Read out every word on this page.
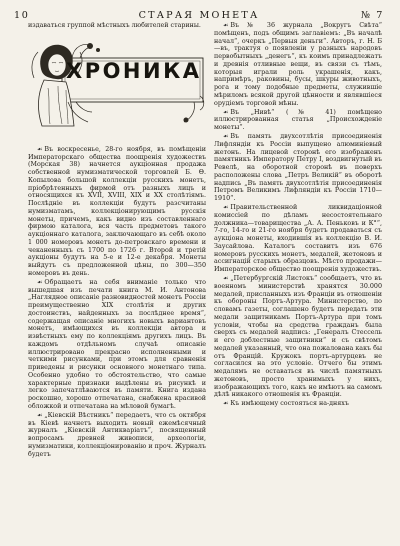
10	СТАРАЯ МОНЕТА	№ 7

издаваться группой мѣстныхъ любителей старины.

ХРОНИКА

☙ Въ воскресенье, 28-го ноября, въ помѣщеніи Императорскаго общества поощренія художествъ (Морская 38) начнется аукціонная продажа собственной нумизматической торговлей Б. Θ. Копылова большой коллекціи русскихъ монетъ, пріобрѣтенныхъ фирмой отъ разныхъ лицъ и относящихся къ XVII, XVIII, XIX и XX столѣтіямъ. Послѣдніе въ коллекціи будутъ разсчитаны нумизматамъ, коллекціонирующимъ русскія монеты, причемъ, какъ видно изъ составленнаго фирмою каталога, вся часть предметовъ такого аукціоннаго каталога, заключающаго въ себѣ около 1 000 номеровъ монетъ до-петровскаго времени и чеканенныхъ съ 1700 по 1726 г. Второй и третій аукціоны будутъ на 5-е и 12-е декабря. Монеты выйдутъ съ предложенной цѣны, по 300—350 номеровъ въ день.

☙ Обращаетъ на себя вниманіе только что вышедшая изъ печати книга М. И. Антонова „Наглядное описаніе разновидностей монетъ Россіи преимущественно XIX столѣтія и других достоинствъ, найденныхъ за послѣднее время“, содержащая описаніе многихъ новыхъ вариантовъ монетъ, имѣющихся въ коллекціи автора и извѣстныхъ ему по коллекціямъ другихъ лицъ. Въ каждомъ отдѣльномъ случаѣ описаніе иллюстрировано прекрасно исполненными и четкими рисунками, при этомъ для сравненія приведены и рисунки основного монетнаго типа. Особенно удобно то обстоятельство, что самые характерные признаки выдѣлены въ рисункѣ и легко запечатлѣваются въ памяти. Книга издана роскошно, хорошо отпечатана, снабжена красивой обложкой и отпечатана на мѣловой бумагѣ.

☙ „Кіевскій Вѣстникъ“ передаетъ, что съ октября въ Кіевѣ начнетъ выходить новый ежемѣсячный журналъ „Кіевскій Антикваріатъ“, посвященный вопросамъ древней живописи, археологіи, нумизматики, коллекціонированію и проч. Журналъ будетъ

☙ Въ № 36 журнала „Вокругъ Свѣта“ помѣщенъ, подъ общимъ заглавіемъ: „Въ началѣ начал“, очеркъ „Первыя деньги“. Авторъ, г. Н. Б—въ, трактуя о появленіи у разныхъ народовъ первобытныхъ „денегъ“, къ коимъ принадлежатъ и древнія отливные вещи, въ связи съ тѣмъ, которыя играли роль украшенія, какъ, напримѣръ, раковины, бусы, шкуры животныхъ, рога и тому подобные предметы, служившіе мѣриломъ всякой другой цѣнности и являвшіеся орудіемъ торговой мѣны.

☙ Въ „Нивѣ“ (№ 41) помѣщено иллюстрированная статья „Происхожденіе монеты“.

☙ Въ память двухсотлѣтія присоединенія Лифляндіи къ Россіи выпущено алюминіевый жетонъ. На лицевой сторонѣ его изображенъ памятникъ Императору Петру I, воздвигнутый въ Ревелѣ, на оборотной сторонѣ въ поверхъ расположены слова „Петръ Великій“ въ оборотѣ надпись „Въ память двухсотлѣтія присоединенія Петромъ Великимъ Лифляндіи къ Россіи 1710—1910“.

☙ Правительственной ликвидаціонной комиссіей по дѣламъ несостоятельнаго должника—товарищества „А. А. Пеньковъ и К°“, 7-го, 14-го и 21-го ноября будетъ продаваться съ аукціона монеты, входившія въ коллекцію В. И. Заусайлова. Каталогъ составитъ изъ 676 номеровъ русскихъ монетъ, медалей, жетоновъ и ассигнацій старыхъ образцовъ. Мѣсто продажи—Императорское общество поощренія художествъ.

☙ „Петербургскій Листокъ“ сообщаетъ, что въ военномъ министерствѣ хранятся 30.000 медалей, присланныхъ изъ Франціи въ отношеніи къ обороны Портъ-Артура. Министерство, по словамъ газеты, соглашено будетъ передать эти медали защитникамъ Портъ-Артура при томъ условіи, чтобы на средства гражданъ была сверхъ съ медалей надпись: „Генералъ Стессель и его доблестные защитники“ и съ свѣтомъ медалей указанный, что она пожалована какъ бы отъ Францій. Кружокъ портъ-артурцевъ не согласился на это условіе. Отчего бы этимъ медалямъ не оставаться въ числѣ памятныхъ жетоновъ, просто хранимыхъ у нихъ, изображающихъ того, какъ не имѣютъ на самомъ дѣлѣ никакого отношенія къ Франціи.

☙ Къ имѣющему состояться на-дняхъ
